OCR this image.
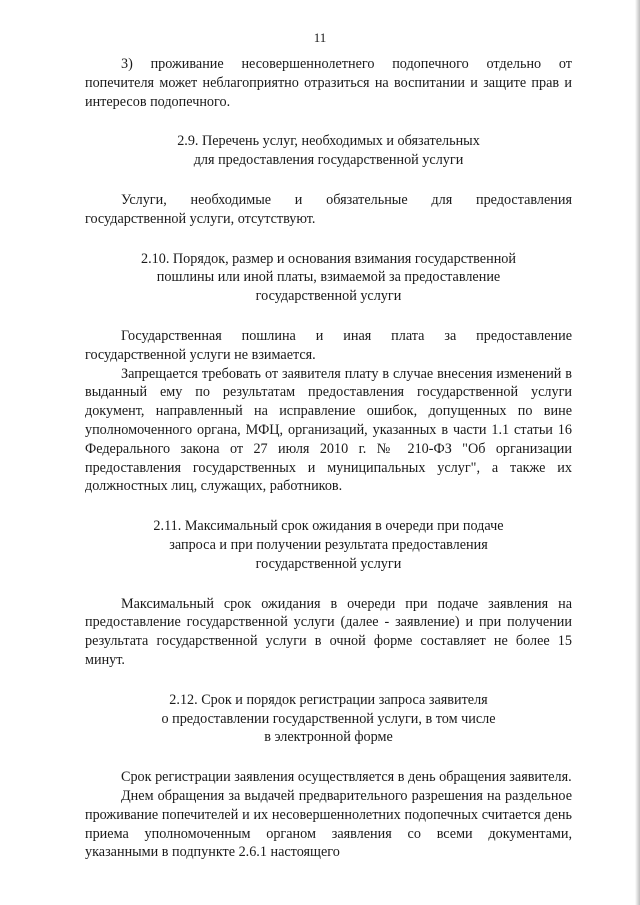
11

3) проживание несовершеннолетнего подопечного отдельно от попечителя может неблагоприятно отразиться на воспитании и защите прав и интересов подопечного.

2.9. Перечень услуг, необходимых и обязательных
для предоставления государственной услуги

Услуги, необходимые и обязательные для предоставления государственной услуги, отсутствуют.

2.10. Порядок, размер и основания взимания государственной
пошлины или иной платы, взимаемой за предоставление
государственной услуги

Государственная пошлина и иная плата за предоставление государственной услуги не взимается.

Запрещается требовать от заявителя плату в случае внесения изменений в выданный ему по результатам предоставления государственной услуги документ, направленный на исправление ошибок, допущенных по вине уполномоченного органа, МФЦ, организаций, указанных в части 1.1 статьи 16 Федерального закона от 27 июля 2010 г. № 210-ФЗ "Об организации предоставления государственных и муниципальных услуг", а также их должностных лиц, служащих, работников.

2.11. Максимальный срок ожидания в очереди при подаче
запроса и при получении результата предоставления
государственной услуги

Максимальный срок ожидания в очереди при подаче заявления на предоставление государственной услуги (далее - заявление) и при получении результата государственной услуги в очной форме составляет не более 15 минут.

2.12. Срок и порядок регистрации запроса заявителя
о предоставлении государственной услуги, в том числе
в электронной форме

Срок регистрации заявления осуществляется в день обращения заявителя.

Днем обращения за выдачей предварительного разрешения на раздельное проживание попечителей и их несовершеннолетних подопечных считается день приема уполномоченным органом заявления со всеми документами, указанными в подпункте 2.6.1 настоящего
